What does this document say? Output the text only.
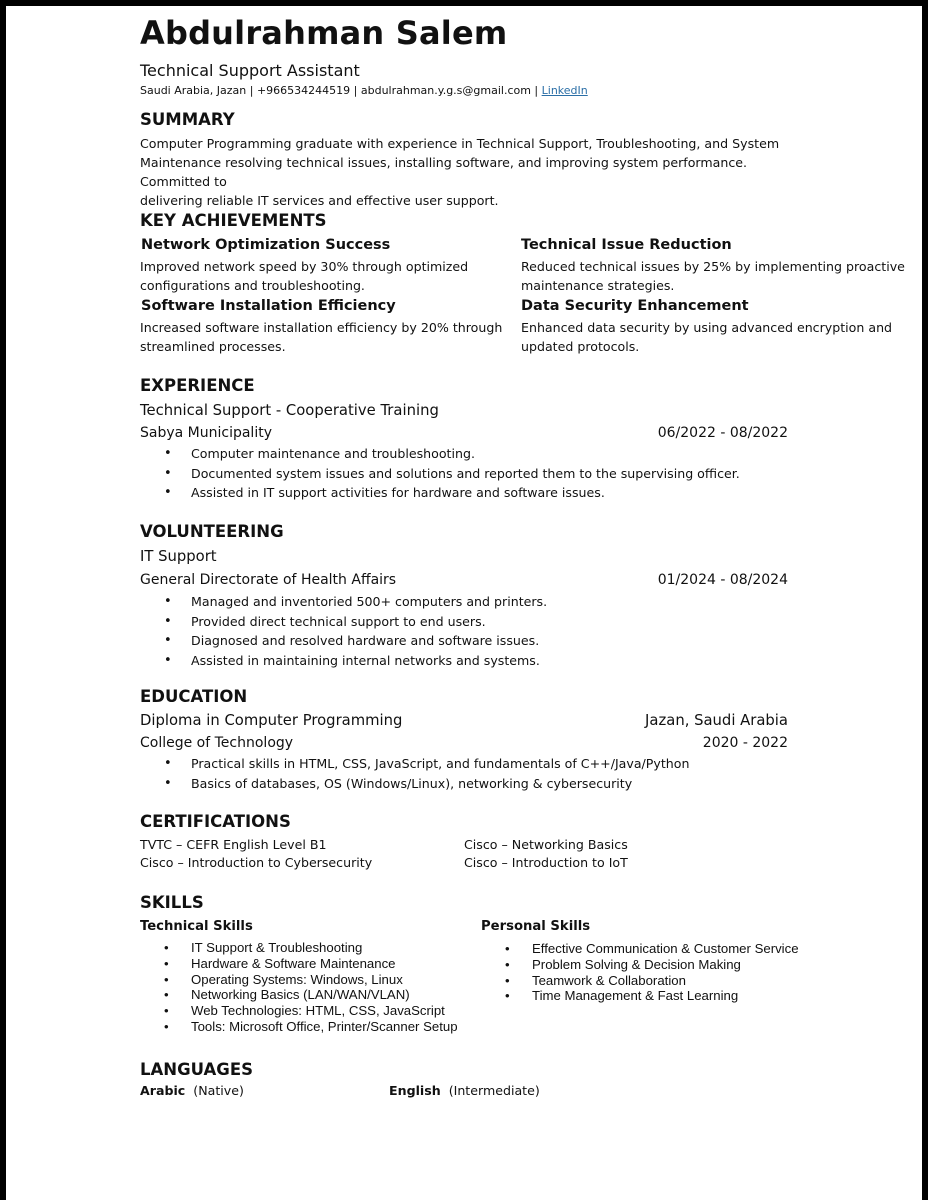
Abdulrahman Salem
Technical Support Assistant
Saudi Arabia, Jazan | +966534244519 | abdulrahman.y.g.s@gmail.com | LinkedIn
SUMMARY
Computer Programming graduate with experience in Technical Support, Troubleshooting, and System
Maintenance resolving technical issues, installing software, and improving system performance. Committed to
delivering reliable IT services and effective user support.
KEY ACHIEVEMENTS
Network Optimization Success
Improved network speed by 30% through optimized
configurations and troubleshooting.
Technical Issue Reduction
Reduced technical issues by 25% by implementing proactive
maintenance strategies.
Software Installation Efficiency
Increased software installation efficiency by 20% through
streamlined processes.
Data Security Enhancement
Enhanced data security by using advanced encryption and
updated protocols.
EXPERIENCE
Technical Support - Cooperative Training
Sabya Municipality	06/2022 - 08/2022
• Computer maintenance and troubleshooting.
• Documented system issues and solutions and reported them to the supervising officer.
• Assisted in IT support activities for hardware and software issues.
VOLUNTEERING
IT Support
General Directorate of Health Affairs	01/2024 - 08/2024
• Managed and inventoried 500+ computers and printers.
• Provided direct technical support to end users.
• Diagnosed and resolved hardware and software issues.
• Assisted in maintaining internal networks and systems.
EDUCATION
Diploma in Computer Programming	Jazan, Saudi Arabia
College of Technology	2020 - 2022
• Practical skills in HTML, CSS, JavaScript, and fundamentals of C++/Java/Python
• Basics of databases, OS (Windows/Linux), networking & cybersecurity
CERTIFICATIONS
TVTC – CEFR English Level B1	Cisco – Networking Basics
Cisco – Introduction to Cybersecurity	Cisco – Introduction to IoT
SKILLS
Technical Skills
• IT Support & Troubleshooting
• Hardware & Software Maintenance
• Operating Systems: Windows, Linux
• Networking Basics (LAN/WAN/VLAN)
• Web Technologies: HTML, CSS, JavaScript
• Tools: Microsoft Office, Printer/Scanner Setup
Personal Skills
• Effective Communication & Customer Service
• Problem Solving & Decision Making
• Teamwork & Collaboration
• Time Management & Fast Learning
LANGUAGES
Arabic (Native)	English (Intermediate)
